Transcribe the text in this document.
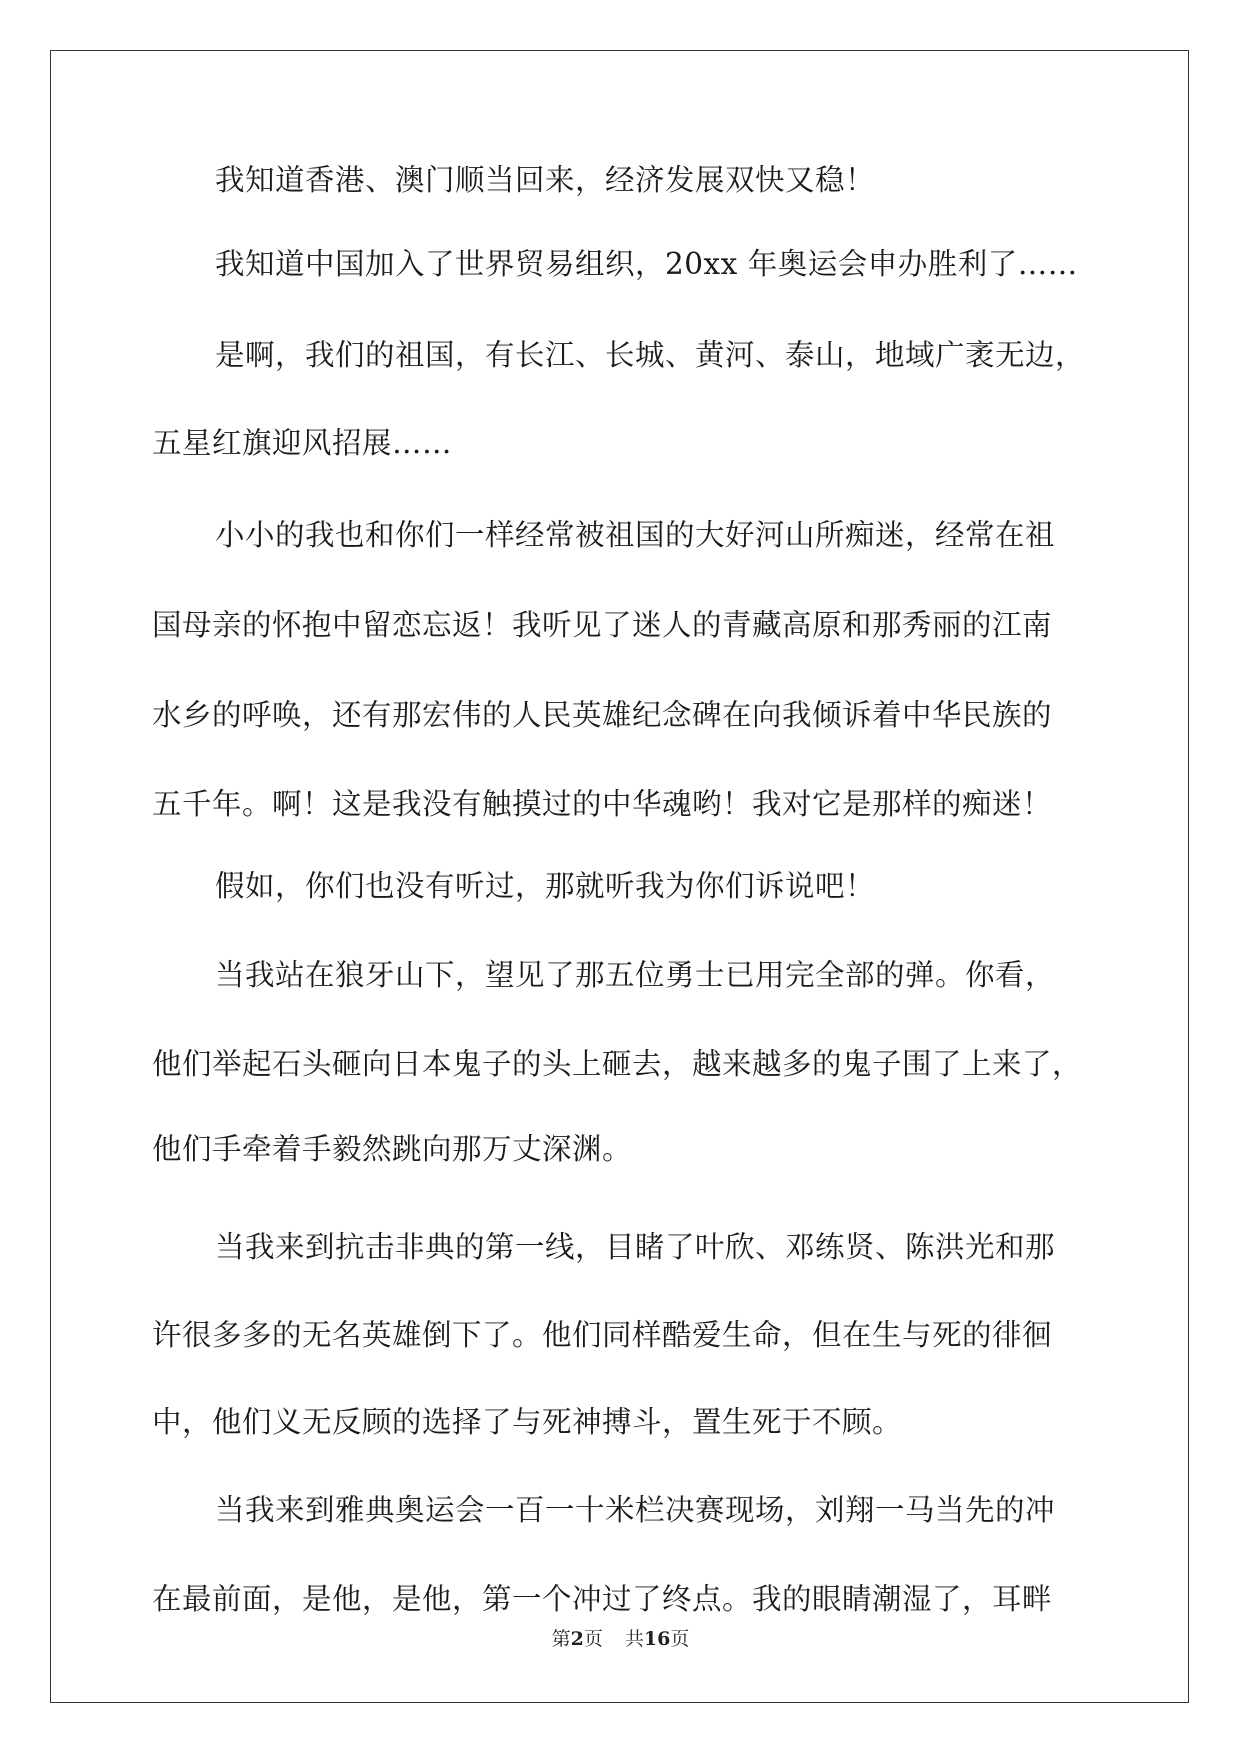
我知道香港、澳门顺当回来，经济发展双快又稳！
我知道中国加入了世界贸易组织，20xx 年奥运会申办胜利了……
是啊，我们的祖国，有长江、长城、黄河、泰山，地域广袤无边，
五星红旗迎风招展……
小小的我也和你们一样经常被祖国的大好河山所痴迷，经常在祖
国母亲的怀抱中留恋忘返！我听见了迷人的青藏高原和那秀丽的江南
水乡的呼唤，还有那宏伟的人民英雄纪念碑在向我倾诉着中华民族的
五千年。啊！这是我没有触摸过的中华魂哟！我对它是那样的痴迷！
假如，你们也没有听过，那就听我为你们诉说吧！
当我站在狼牙山下，望见了那五位勇士已用完全部的弹。你看，
他们举起石头砸向日本鬼子的头上砸去，越来越多的鬼子围了上来了，
他们手牵着手毅然跳向那万丈深渊。
当我来到抗击非典的第一线，目睹了叶欣、邓练贤、陈洪光和那
许很多多的无名英雄倒下了。他们同样酷爱生命，但在生与死的徘徊
中，他们义无反顾的选择了与死神搏斗，置生死于不顾。
当我来到雅典奥运会一百一十米栏决赛现场，刘翔一马当先的冲
在最前面，是他，是他，第一个冲过了终点。我的眼睛潮湿了，耳畔
第2页 共16页
